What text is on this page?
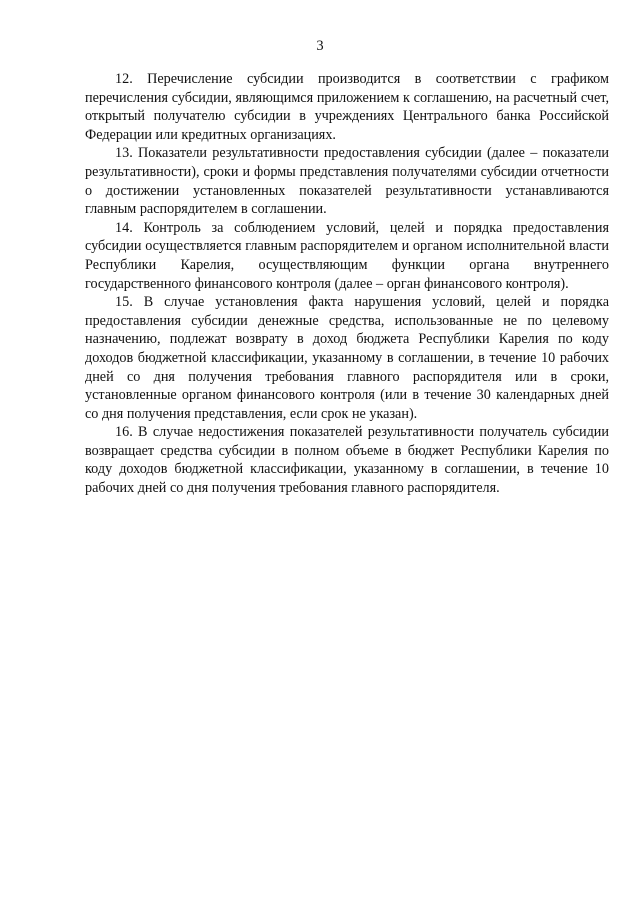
3

12. Перечисление субсидии производится в соответствии с графиком перечисления субсидии, являющимся приложением к соглашению, на расчетный счет, открытый получателю субсидии в учреждениях Центрального банка Российской Федерации или кредитных организациях.

13. Показатели результативности предоставления субсидии (далее – показатели результативности), сроки и формы представления получателями субсидии отчетности о достижении установленных показателей результативности устанавливаются главным распорядителем в соглашении.

14. Контроль за соблюдением условий, целей и порядка предоставления субсидии осуществляется главным распорядителем и органом исполнительной власти Республики Карелия, осуществляющим функции органа внутреннего государственного финансового контроля (далее – орган финансового контроля).

15. В случае установления факта нарушения условий, целей и порядка предоставления субсидии денежные средства, использованные не по целевому назначению, подлежат возврату в доход бюджета Республики Карелия по коду доходов бюджетной классификации, указанному в соглашении, в течение 10 рабочих дней со дня получения требования главного распорядителя или в сроки, установленные органом финансового контроля (или в течение 30 календарных дней со дня получения представления, если срок не указан).

16. В случае недостижения показателей результативности получатель субсидии возвращает средства субсидии в полном объеме в бюджет Республики Карелия по коду доходов бюджетной классификации, указанному в соглашении, в течение 10 рабочих дней со дня получения требования главного распорядителя.
